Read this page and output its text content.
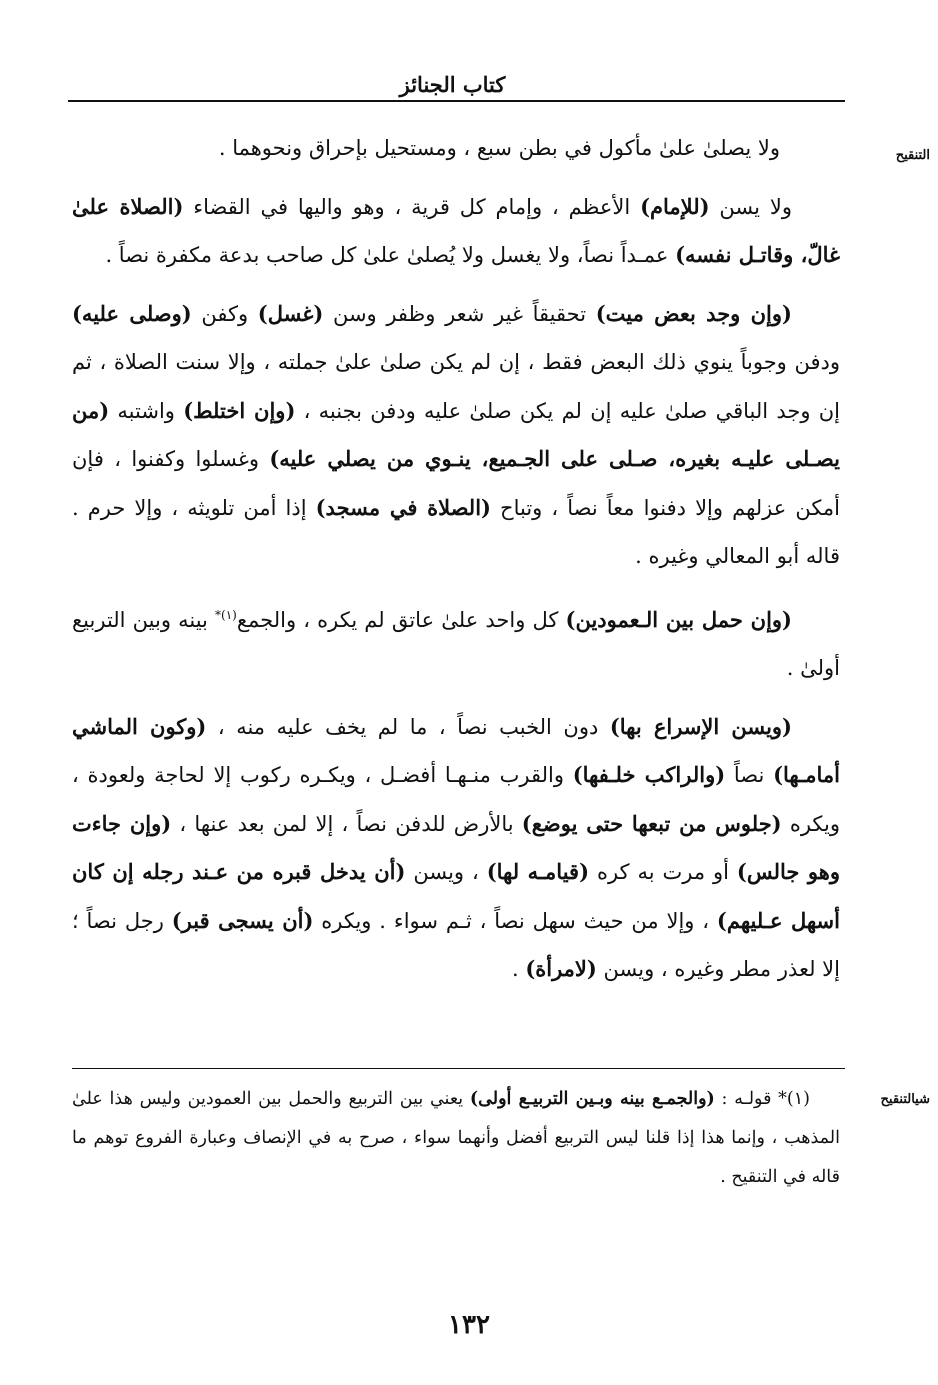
كتاب الجنائز
التنقيح

ولا يصلىٰ علىٰ مأكول في بطن سبع ، ومستحيل بإحراق ونحوهما .

ولا يسن (للإمام) الأعظم ، وإمام كل قرية ، وهو واليها في القضاء (الصلاة علىٰ غالّ، وقاتـل نفسه) عمـداً نصاً، ولا يغسل ولا يُصلىٰ علىٰ كل صاحب بدعة مكفرة نصاً .

(وإن وجد بعض ميت) تحقيقاً غير شعر وظفر وسن (غسل) وكفن (وصلى عليه) ودفن وجوباً ينوي ذلك البعض فقط ، إن لم يكن صلىٰ علىٰ جملته ، وإلا سنت الصلاة ، ثم إن وجد الباقي صلىٰ عليه إن لم يكن صلىٰ عليه ودفن بجنبه ، (وإن اختلط) واشتبه (من يصـلى عليـه بغيره، صـلى على الجـميع، ينـوي من يصلي عليه) وغسلوا وكفنوا ، فإن أمكن عزلهم وإلا دفنوا معاً نصاً ، وتباح (الصلاة في مسجد) إذا أمن تلويثه ، وإلا حرم . قاله أبو المعالي وغيره .

(وإن حمل بين الـعمودين) كل واحد علىٰ عاتق لم يكره ، والجمع$^{(١)*}$ بينه وبين التربيع أولىٰ .

(ويسن الإسراع بها) دون الخبب نصاً ، ما لم يخف عليه منه ، (وكون الماشي أمامـها) نصاً (والراكب خلـفها) والقرب منـهـا أفضـل ، ويكـره ركوب إلا لحاجة ولعودة ، ويكره (جلوس من تبعها حتى يوضع) بالأرض للدفن نصاً ، إلا لمن بعد عنها ، (وإن جاءت وهو جالس) أو مرت به كره (قيامـه لها) ، ويسن (أن يدخل قبره من عـند رجله إن كان أسهل عـليهم) ، وإلا من حيث سهل نصاً ، ثـم سواء . ويكره (أن يسجى قبر) رجل نصاً ؛ إلا لعذر مطر وغيره ، ويسن (لامرأة) .

شيالتنقيح

(١)* قولـه : (والجمـع بينه وبـين التربيـع أولى) يعني بين التربيع والحمل بين العمودين وليس هذا علىٰ المذهب ، وإنما هذا إذا قلنا ليس التربيع أفضل وأنهما سواء ، صرح به في الإنصاف وعبارة الفروع توهم ما قاله في التنقيح .

١٣٢
